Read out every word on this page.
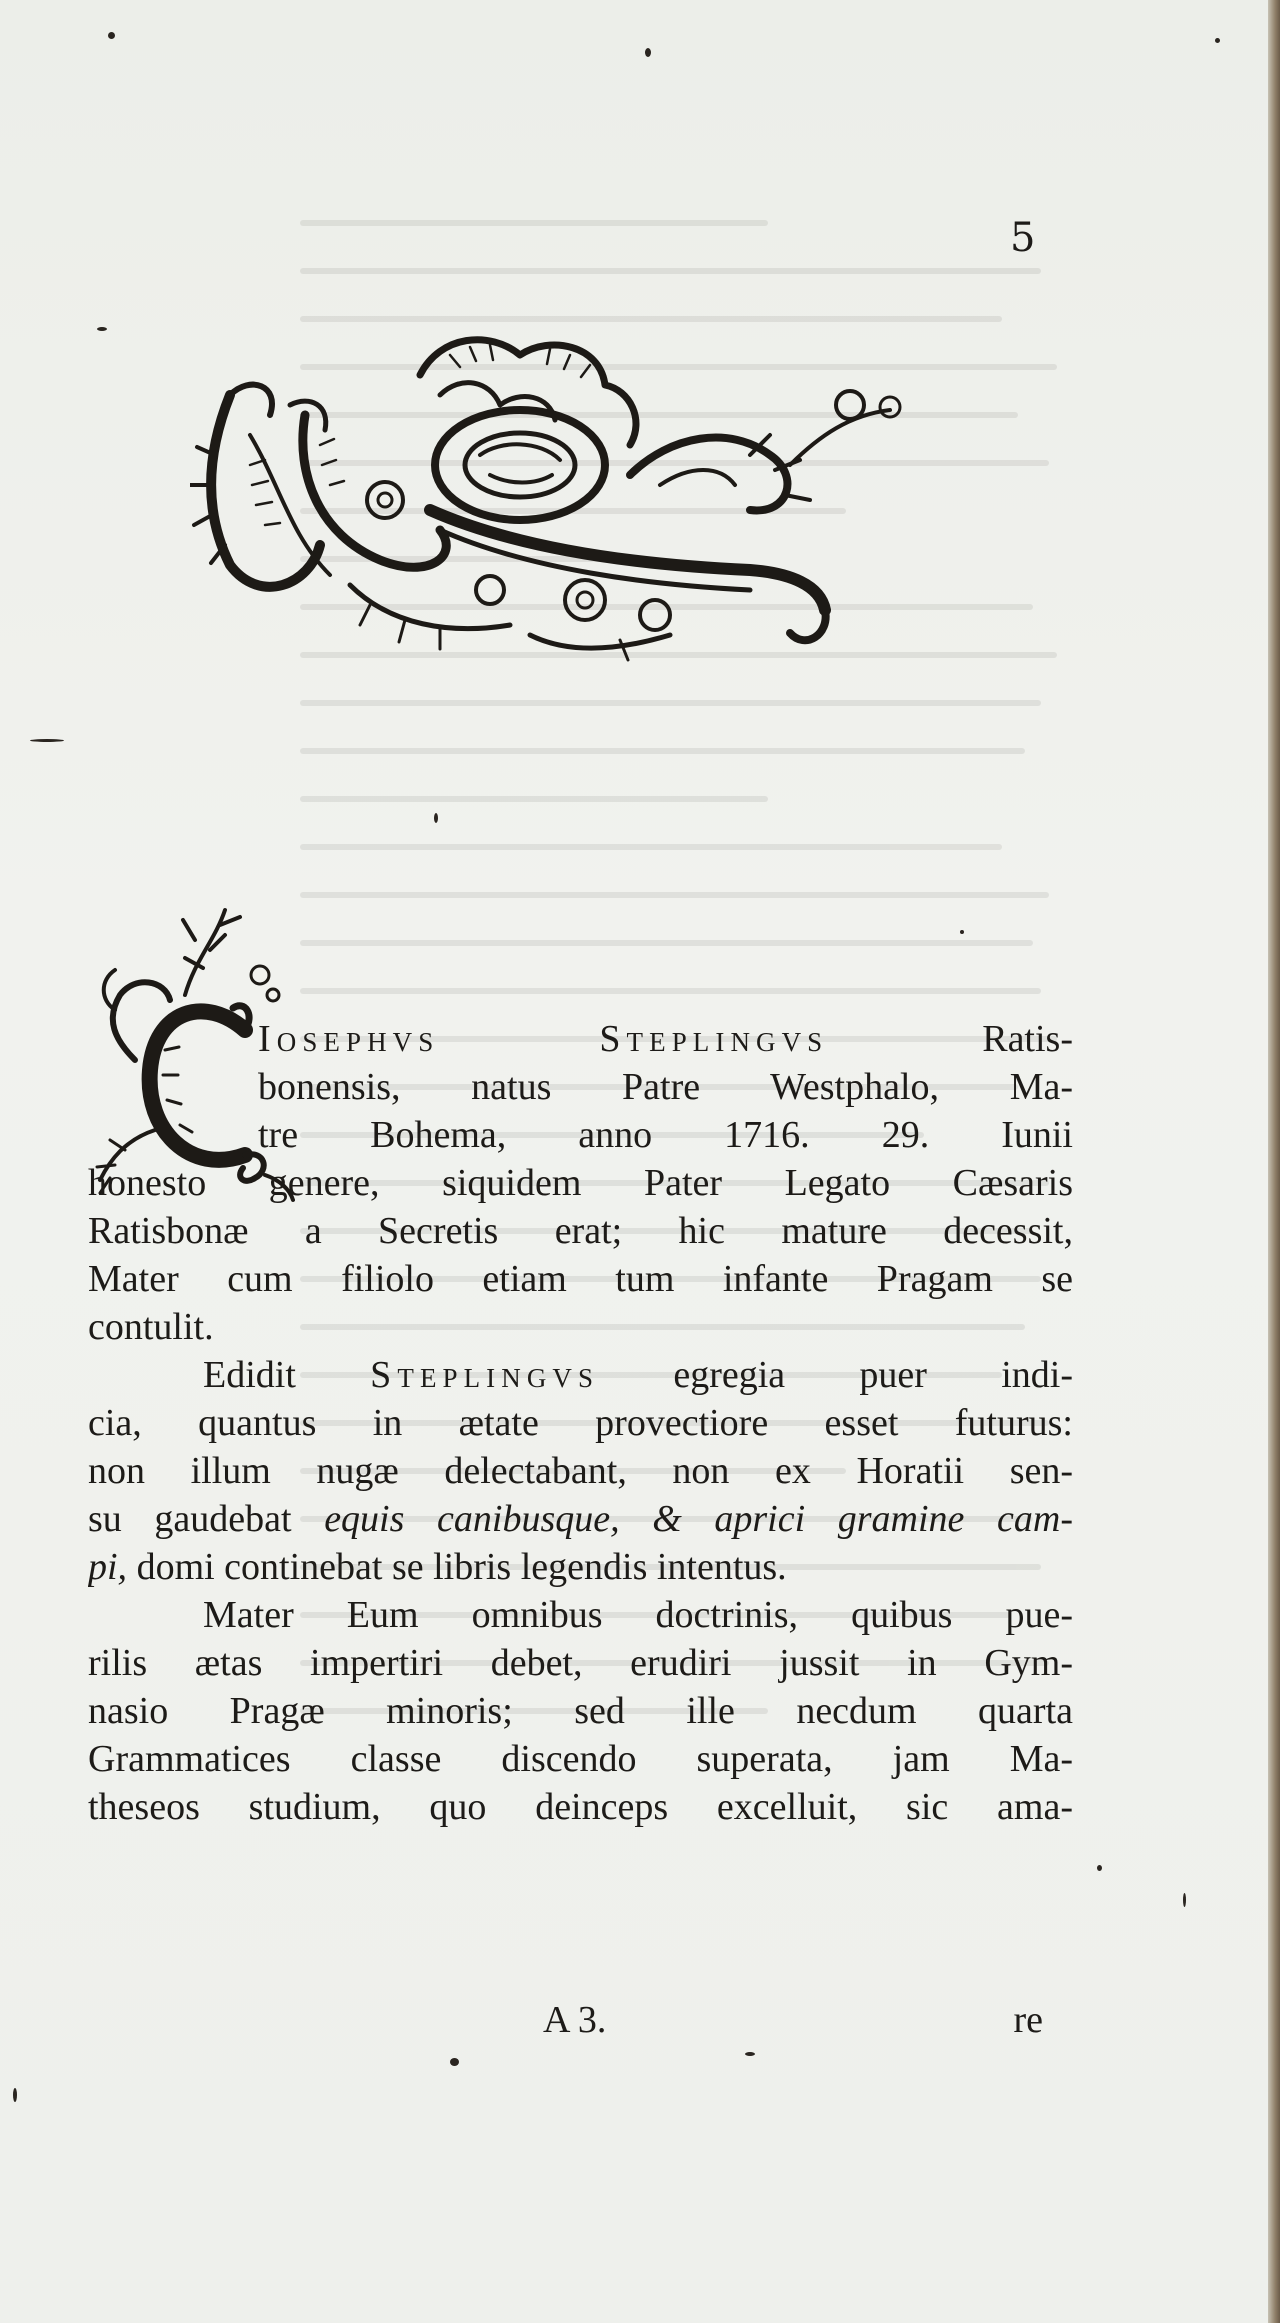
5
Iosephvs Steplingvs Ratis-
bonensis, natus Patre Westphalo, Ma-
tre Bohema, anno 1716. 29. Iunii
honesto genere, siquidem Pater Legato Cæsaris
Ratisbonæ a Secretis erat; hic mature decessit,
Mater cum filiolo etiam tum infante Pragam se
contulit.
Edidit Steplingvs egregia puer indi-
cia, quantus in ætate provectiore esset futurus:
non illum nugæ delectabant, non ex Horatii sen-
su gaudebat equis canibusque, & aprici gramine cam-
pi, domi continebat se libris legendis intentus.
Mater Eum omnibus doctrinis, quibus pue-
rilis ætas impertiri debet, erudiri jussit in Gym-
nasio Pragæ minoris; sed ille necdum quarta
Grammatices classe discendo superata, jam Ma-
theseos studium, quo deinceps excelluit, sic ama-
A 3.	re
